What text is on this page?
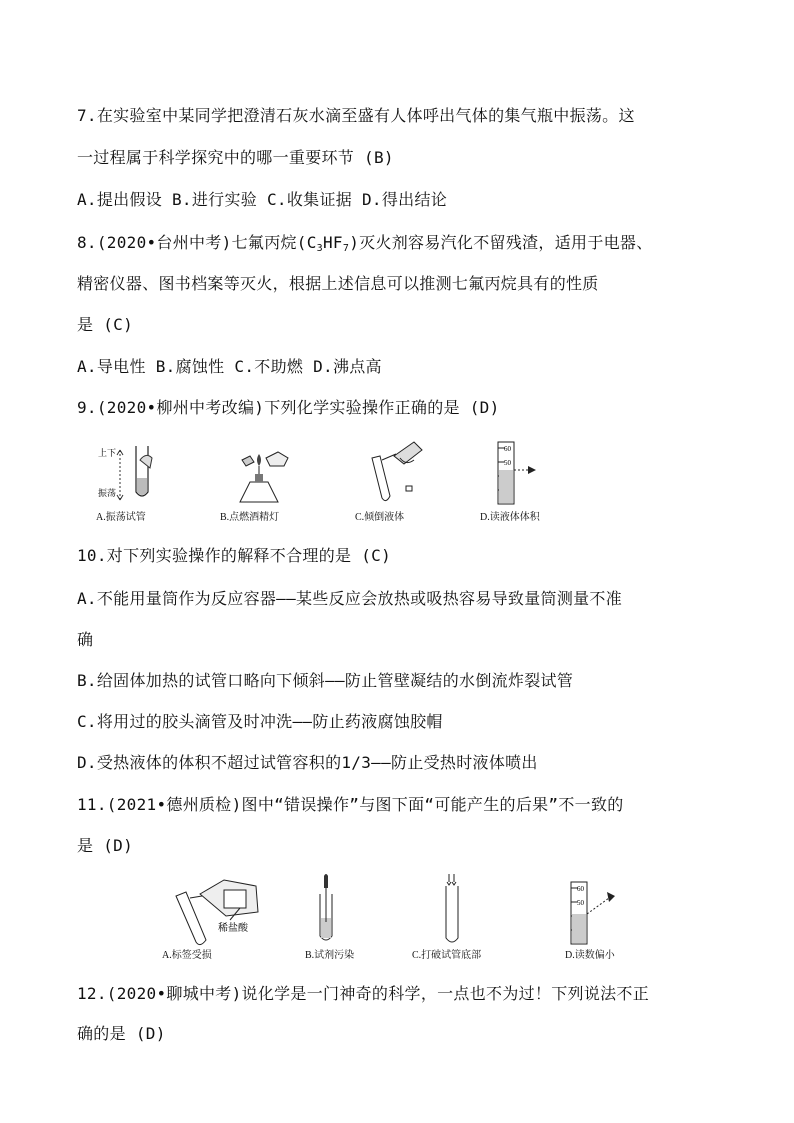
7.在实验室中某同学把澄清石灰水滴至盛有人体呼出气体的集气瓶中振荡。这
一过程属于科学探究中的哪一重要环节 (B)
A.提出假设 B.进行实验 C.收集证据 D.得出结论
8.(2020•台州中考)七氟丙烷$(C_3HF_7)$灭火剂容易汽化不留残渣，适用于电器、
精密仪器、图书档案等灭火，根据上述信息可以推测七氟丙烷具有的性质
是 (C)
A.导电性 B.腐蚀性 C.不助燃 D.沸点高
9.(2020•柳州中考改编)下列化学实验操作正确的是 (D)
上下
振荡
A.振荡试管	B.点燃酒精灯	C.倾倒液体
60
50
D.读液体体积
10.对下列实验操作的解释不合理的是 (C)
A.不能用量筒作为反应容器——某些反应会放热或吸热容易导致量筒测量不准
确
B.给固体加热的试管口略向下倾斜——防止管壁凝结的水倒流炸裂试管
C.将用过的胶头滴管及时冲洗——防止药液腐蚀胶帽
D.受热液体的体积不超过试管容积的1/3——防止受热时液体喷出
11.(2021•德州质检)图中“错误操作”与图下面“可能产生的后果”不一致的
是 (D)
稀盐酸
A.标签受损	B.试剂污染	C.打破试管底部
60
50
D.读数偏小
12.(2020•聊城中考)说化学是一门神奇的科学，一点也不为过！下列说法不正
确的是 (D)
